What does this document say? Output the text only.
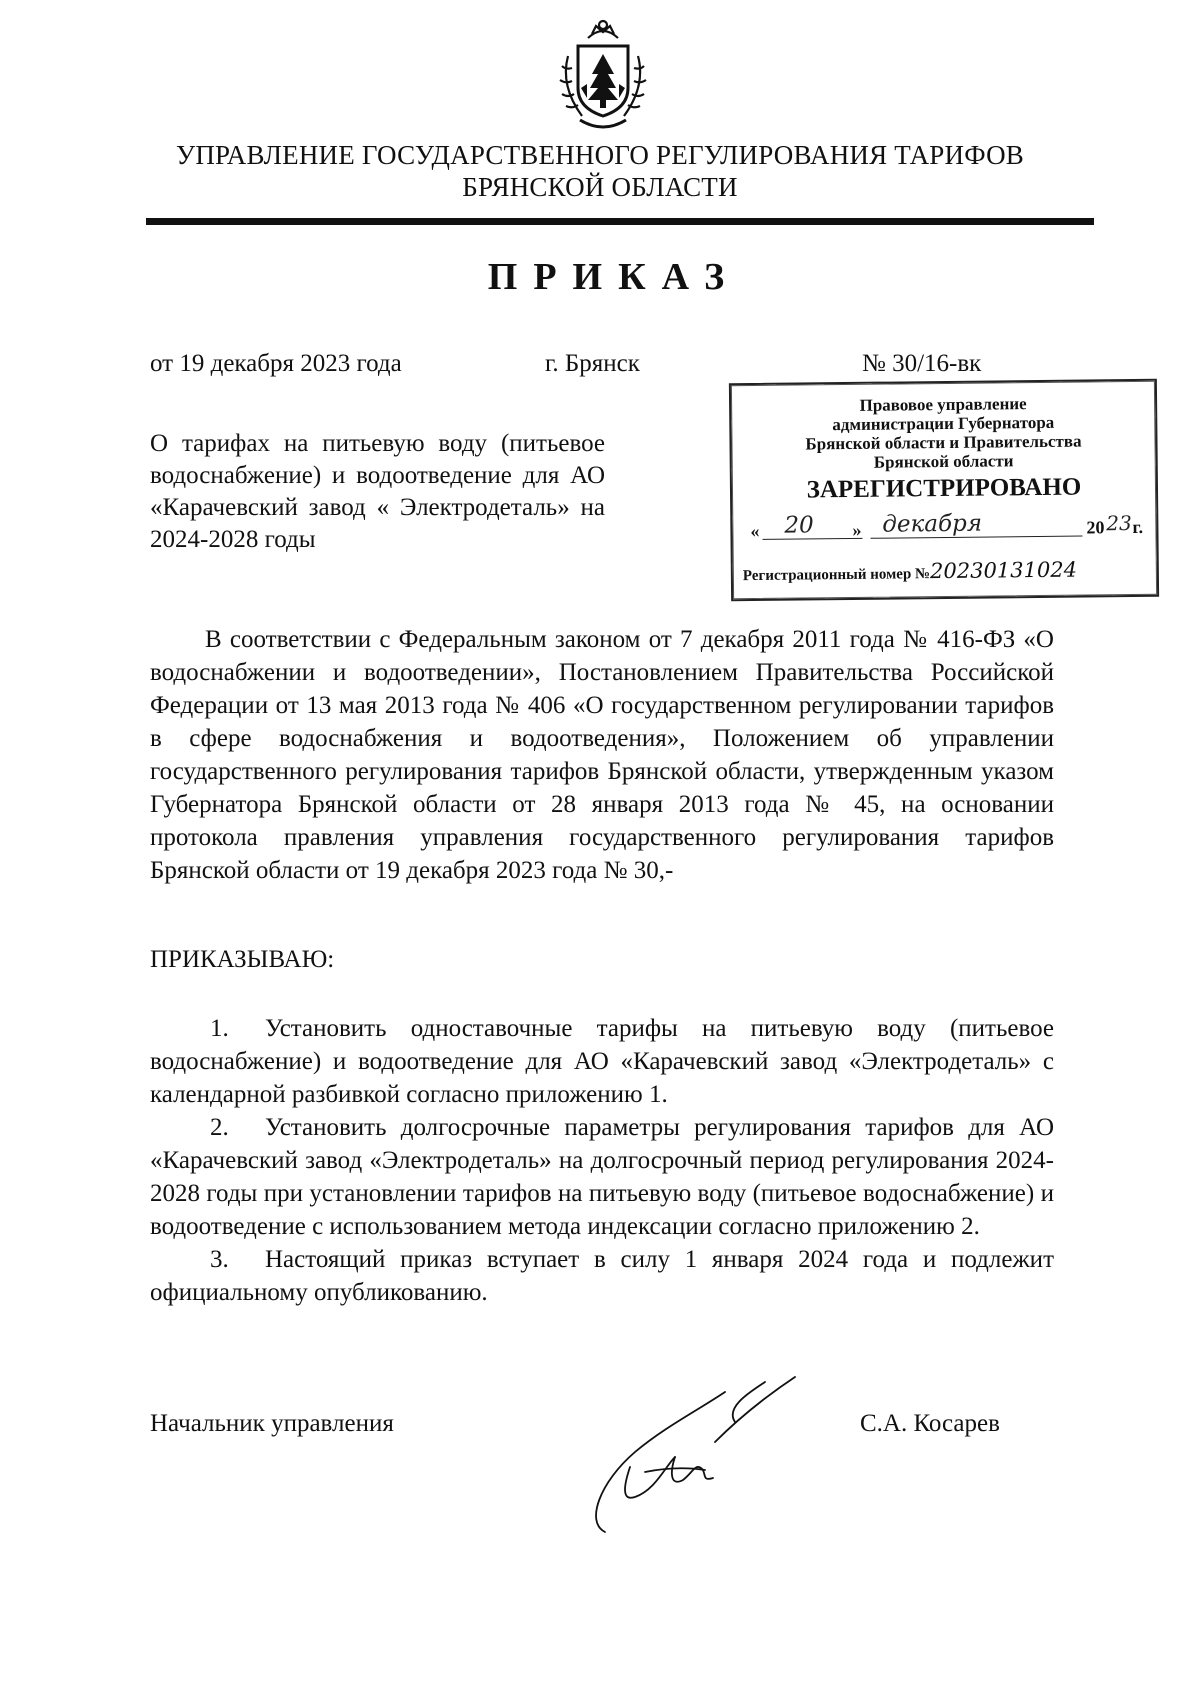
УПРАВЛЕНИЕ ГОСУДАРСТВЕННОГО РЕГУЛИРОВАНИЯ ТАРИФОВ
БРЯНСКОЙ ОБЛАСТИ
ПРИКАЗ
от 19 декабря 2023 года	г. Брянск	№ 30/16-вк
О тарифах на питьевую воду (питьевое водоснабжение) и водоотведение для АО «Карачевский завод « Электродеталь» на 2024-2028 годы
Правовое управление
администрации Губернатора
Брянской области и Правительства
Брянской области
ЗАРЕГИСТРИРОВАНО
« 20 » декабря	20 23 г.
Регистрационный номер №20230131024
В соответствии с Федеральным законом от 7 декабря 2011 года № 416-ФЗ «О водоснабжении и водоотведении», Постановлением Правительства Российской Федерации от 13 мая 2013 года № 406 «О государственном регулировании тарифов в сфере водоснабжения и водоотведения», Положением об управлении государственного регулирования тарифов Брянской области, утвержденным указом Губернатора Брянской области от 28 января 2013 года № 45, на основании протокола правления управления государственного регулирования тарифов Брянской области от 19 декабря 2023 года № 30,-
ПРИКАЗЫВАЮ:

1. Установить одноставочные тарифы на питьевую воду (питьевое водоснабжение) и водоотведение для АО «Карачевский завод «Электродеталь» с календарной разбивкой согласно приложению 1.

2. Установить долгосрочные параметры регулирования тарифов для АО «Карачевский завод «Электродеталь» на долгосрочный период регулирования 2024-2028 годы при установлении тарифов на питьевую воду (питьевое водоснабжение) и водоотведение с использованием метода индексации согласно приложению 2.

3. Настоящий приказ вступает в силу 1 января 2024 года и подлежит официальному опубликованию.

Начальник управления	С.А. Косарев
